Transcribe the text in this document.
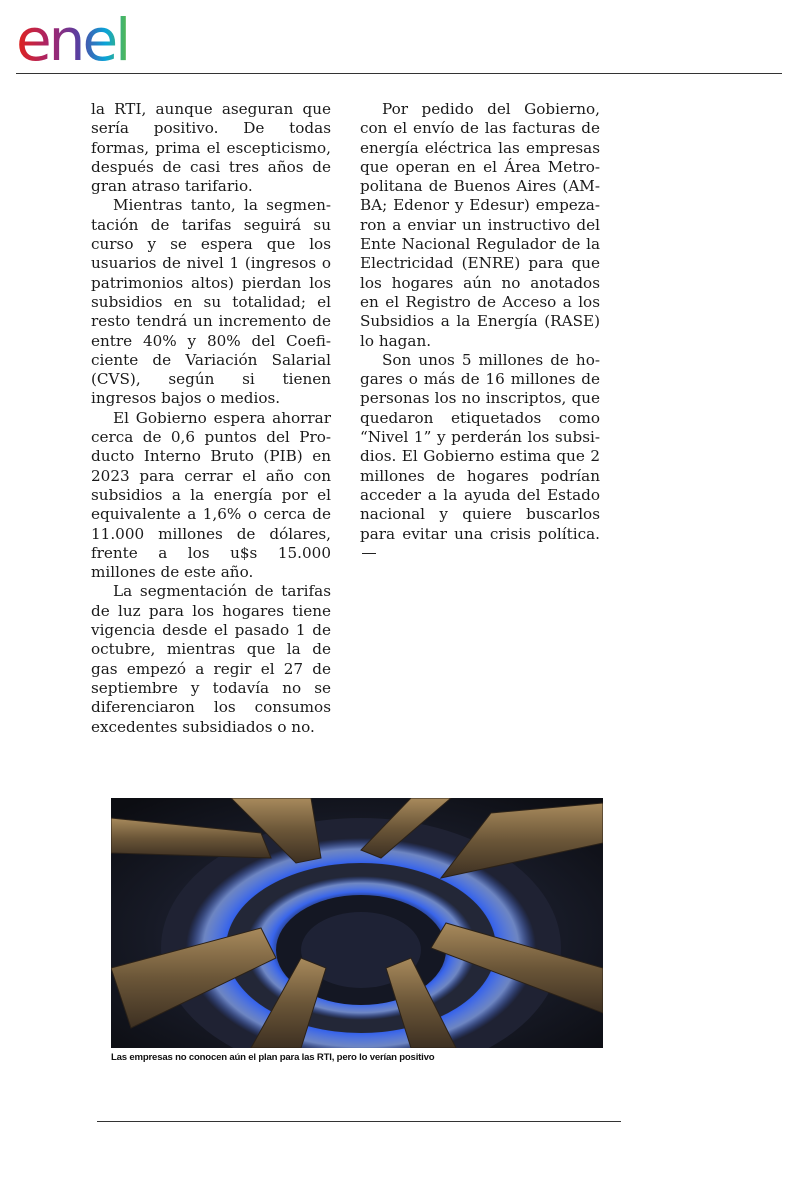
enel

la RTI, aunque aseguran que sería positivo. De todas formas, prima el escepticismo, después de casi tres años de gran atraso tarifario.

Mientras tanto, la segmentación de tarifas seguirá su curso y se espera que los usuarios de nivel 1 (ingresos o patrimonios altos) pierdan los subsidios en su totalidad; el resto tendrá un incremento de entre 40% y 80% del Coeficiente de Variación Salarial (CVS), según si tienen ingresos bajos o medios.

El Gobierno espera ahorrar cerca de 0,6 puntos del Producto Interno Bruto (PIB) en 2023 para cerrar el año con subsidios a la energía por el equivalente a 1,6% o cerca de 11.000 millones de dólares, frente a los u$s 15.000 millones de este año.

La segmentación de tarifas de luz para los hogares tiene vigencia desde el pasado 1 de octubre, mientras que la de gas empezó a regir el 27 de septiembre y todavía no se diferenciaron los consumos excedentes subsidiados o no.

Por pedido del Gobierno, con el envío de las facturas de energía eléctrica las empresas que operan en el Área Metropolitana de Buenos Aires (AMBA; Edenor y Edesur) empezaron a enviar un instructivo del Ente Nacional Regulador de la Electricidad (ENRE) para que los hogares aún no anotados en el Registro de Acceso a los Subsidios a la Energía (RASE) lo hagan.

Son unos 5 millones de hogares o más de 16 millones de personas los no inscriptos, que quedaron etiquetados como “Nivel 1” y perderán los subsidios. El Gobierno estima que 2 millones de hogares podrían acceder a la ayuda del Estado nacional y quiere buscarlos para evitar una crisis política.

Las empresas no conocen aún el plan para las RTI, pero lo verían positivo
